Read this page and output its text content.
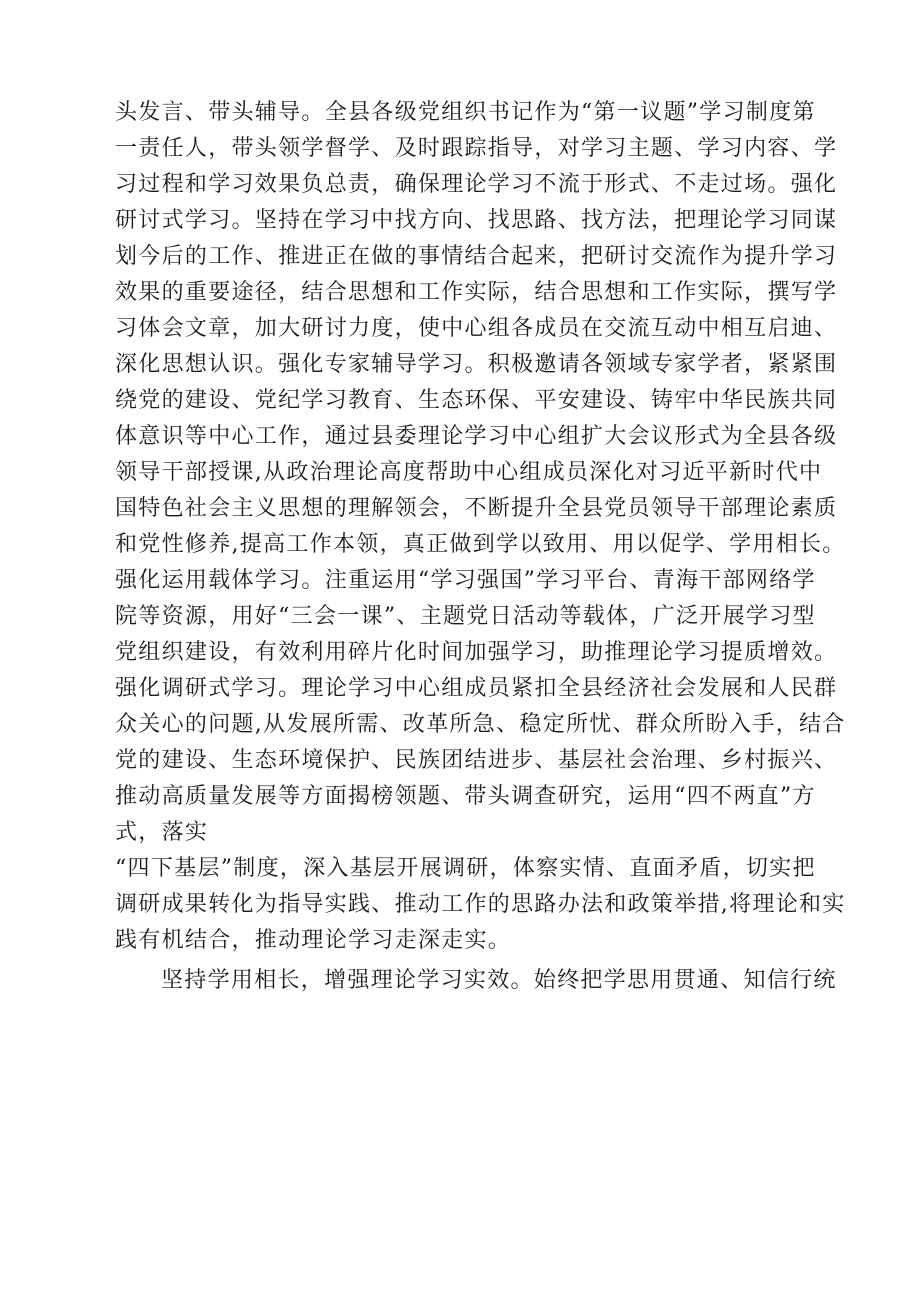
头发言、带头辅导。全县各级党组织书记作为“第一议题”学习制度第
一责任人，带头领学督学、及时跟踪指导，对学习主题、学习内容、学
习过程和学习效果负总责，确保理论学习不流于形式、不走过场。强化
研讨式学习。坚持在学习中找方向、找思路、找方法，把理论学习同谋
划今后的工作、推进正在做的事情结合起来，把研讨交流作为提升学习
效果的重要途径，结合思想和工作实际，结合思想和工作实际，撰写学
习体会文章，加大研讨力度，使中心组各成员在交流互动中相互启迪、
深化思想认识。强化专家辅导学习。积极邀请各领域专家学者，紧紧围
绕党的建设、党纪学习教育、生态环保、平安建设、铸牢中华民族共同
体意识等中心工作，通过县委理论学习中心组扩大会议形式为全县各级
领导干部授课,从政治理论高度帮助中心组成员深化对习近平新时代中
国特色社会主义思想的理解领会，不断提升全县党员领导干部理论素质
和党性修养,提高工作本领，真正做到学以致用、用以促学、学用相长。
强化运用载体学习。注重运用“学习强国”学习平台、青海干部网络学
院等资源，用好“三会一课”、主题党日活动等载体，广泛开展学习型
党组织建设，有效利用碎片化时间加强学习，助推理论学习提质增效。
强化调研式学习。理论学习中心组成员紧扣全县经济社会发展和人民群
众关心的问题,从发展所需、改革所急、稳定所忧、群众所盼入手，结合
党的建设、生态环境保护、民族团结进步、基层社会治理、乡村振兴、
推动高质量发展等方面揭榜领题、带头调查研究，运用“四不两直”方
式，落实
“四下基层”制度，深入基层开展调研，体察实情、直面矛盾，切实把
调研成果转化为指导实践、推动工作的思路办法和政策举措,将理论和实
践有机结合，推动理论学习走深走实。
坚持学用相长，增强理论学习实效。始终把学思用贯通、知信行统
